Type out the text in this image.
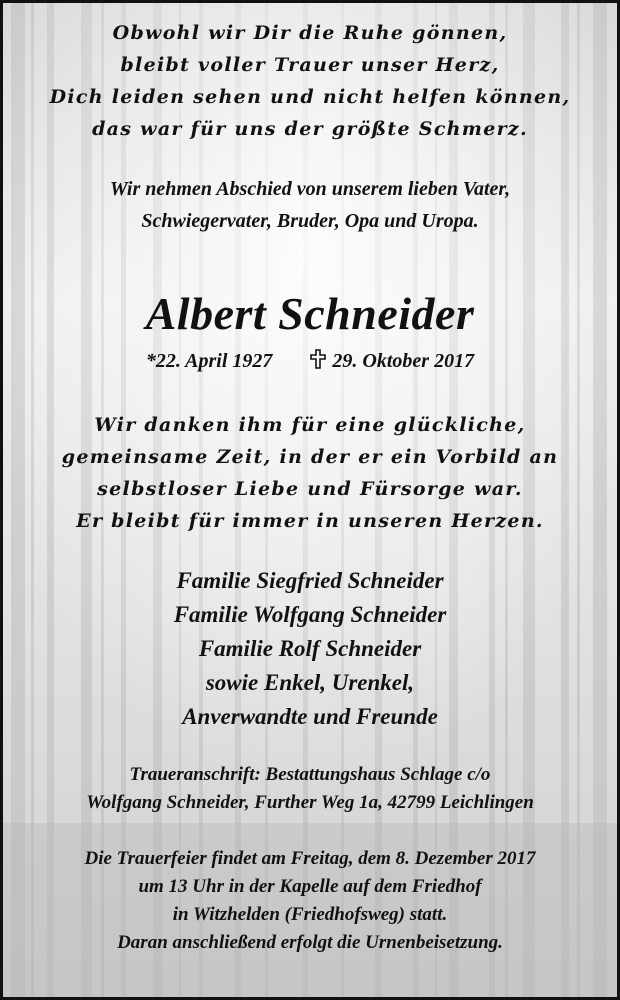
Obwohl wir Dir die Ruhe gönnen,
bleibt voller Trauer unser Herz,
Dich leiden sehen und nicht helfen können,
das war für uns der größte Schmerz.
Wir nehmen Abschied von unserem lieben Vater,
Schwiegervater, Bruder, Opa und Uropa.
Albert Schneider
*22. April 1927	29. Oktober 2017
Wir danken ihm für eine glückliche,
gemeinsame Zeit, in der er ein Vorbild an
selbstloser Liebe und Fürsorge war.
Er bleibt für immer in unseren Herzen.
Familie Siegfried Schneider
Familie Wolfgang Schneider
Familie Rolf Schneider
sowie Enkel, Urenkel,
Anverwandte und Freunde
Traueranschrift: Bestattungshaus Schlage c/o
Wolfgang Schneider, Further Weg 1a, 42799 Leichlingen
Die Trauerfeier findet am Freitag, dem 8. Dezember 2017
um 13 Uhr in der Kapelle auf dem Friedhof
in Witzhelden (Friedhofsweg) statt.
Daran anschließend erfolgt die Urnenbeisetzung.
